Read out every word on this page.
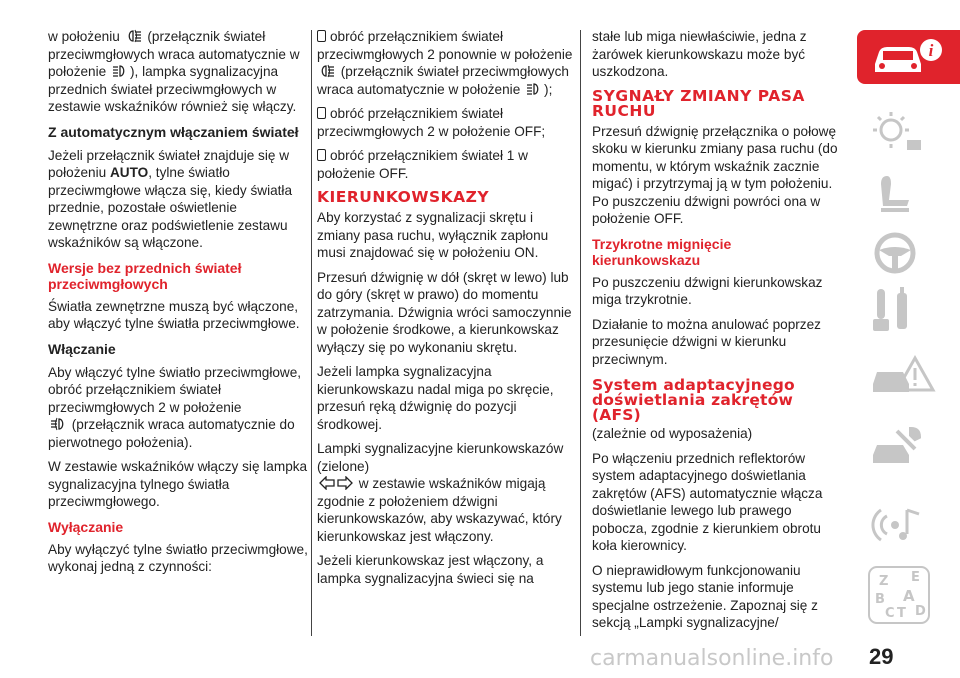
w położeniu (przełącznik świateł przeciwmgłowych wraca automatycznie w położenie ), lampka sygnalizacyjna przednich świateł przeciwmgłowych w zestawie wskaźników również się włączy.

Z automatycznym włączaniem świateł

Jeżeli przełącznik świateł znajduje się w położeniu AUTO, tylne światło przeciwmgłowe włącza się, kiedy światła przednie, pozostałe oświetlenie zewnętrzne oraz podświetlenie zestawu wskaźników są włączone.

Wersje bez przednich świateł przeciwmgłowych

Światła zewnętrzne muszą być włączone, aby włączyć tylne światła przeciwmgłowe.

Włączanie

Aby włączyć tylne światło przeciwmgłowe, obróć przełącznikiem świateł przeciwmgłowych 2 w położenie
(przełącznik wraca automatycznie do pierwotnego położenia).

W zestawie wskaźników włączy się lampka sygnalizacyjna tylnego światła przeciwmgłowego.

Wyłączanie

Aby wyłączyć tylne światło przeciwmgłowe, wykonaj jedną z czynności:

obróć przełącznikiem świateł przeciwmgłowych 2 ponownie w położenie  (przełącznik świateł przeciwmgłowych wraca automatycznie w położenie );

obróć przełącznikiem świateł przeciwmgłowych 2 w położenie OFF;

obróć przełącznikiem świateł 1 w położenie OFF.

KIERUNKOWSKAZY

Aby korzystać z sygnalizacji skrętu i zmiany pasa ruchu, wyłącznik zapłonu musi znajdować się w położeniu ON.

Przesuń dźwignię w dół (skręt w lewo) lub do góry (skręt w prawo) do momentu zatrzymania. Dźwignia wróci samoczynnie w położenie środkowe, a kierunkowskaz wyłączy się po wykonaniu skrętu.

Jeżeli lampka sygnalizacyjna kierunkowskazu nadal miga po skręcie, przesuń ręką dźwignię do pozycji środkowej.

Lampki sygnalizacyjne kierunkowskazów (zielone)
w zestawie wskaźników migają zgodnie z położeniem dźwigni kierunkowskazów, aby wskazywać, który kierunkowskaz jest włączony.

Jeżeli kierunkowskaz jest włączony, a lampka sygnalizacyjna świeci się na

stałe lub miga niewłaściwie, jedna z żarówek kierunkowskazu może być uszkodzona.

SYGNAŁY ZMIANY PASA RUCHU

Przesuń dźwignię przełącznika o połowę skoku w kierunku zmiany pasa ruchu (do momentu, w którym wskaźnik zacznie migać) i przytrzymaj ją w tym położeniu. Po puszczeniu dźwigni powróci ona w położenie OFF.

Trzykrotne mignięcie kierunkowskazu

Po puszczeniu dźwigni kierunkowskaz miga trzykrotnie.

Działanie to można anulować poprzez przesunięcie dźwigni w kierunku przeciwnym.

System adaptacyjnego doświetlania zakrętów (AFS)

(zależnie od wyposażenia)

Po włączeniu przednich reflektorów system adaptacyjnego doświetlania zakrętów (AFS) automatycznie włącza doświetlanie lewego lub prawego pobocza, zgodnie z kierunkiem obrotu koła kierownicy.

O nieprawidłowym funkcjonowaniu systemu lub jego stanie informuje specjalne ostrzeżenie. Zapoznaj się z sekcją „Lampki sygnalizacyjne/

i
Z E
B A
C T D
carmanualsonline.info 29
